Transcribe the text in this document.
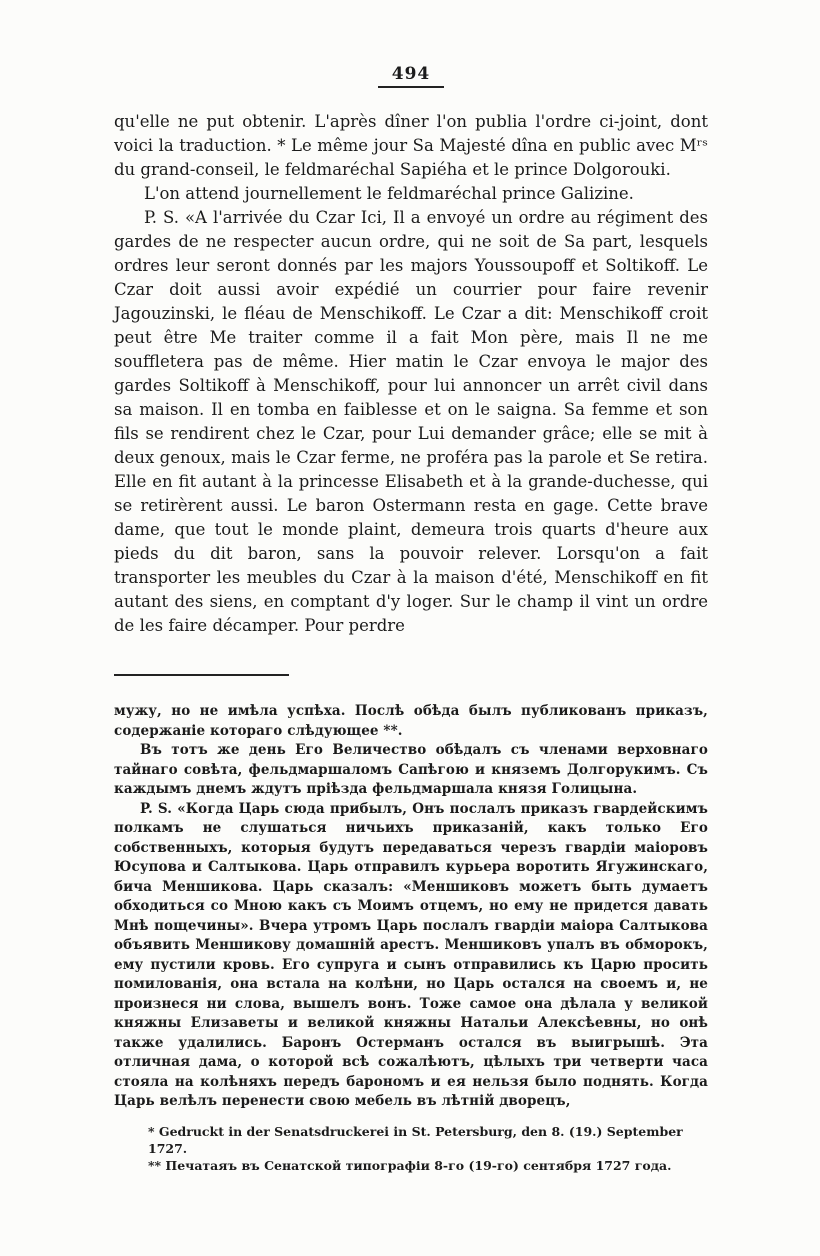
494

qu'elle ne put obtenir. L'après dîner l'on publia l'ordre ci-joint, dont voici la traduction. * Le même jour Sa Majesté dîna en public avec Mʳˢ du grand-conseil, le feldmaréchal Sapiéha et le prince Dolgorouki.

L'on attend journellement le feldmaréchal prince Galizine.

P. S. «A l'arrivée du Czar Ici, Il a envoyé un ordre au régiment des gardes de ne respecter aucun ordre, qui ne soit de Sa part, lesquels ordres leur seront donnés par les majors Youssoupoff et Soltikoff. Le Czar doit aussi avoir expédié un courrier pour faire revenir Jagouzinski, le fléau de Menschikoff. Le Czar a dit: Menschikoff croit peut être Me traiter comme il a fait Mon père, mais Il ne me souffletera pas de même. Hier matin le Czar envoya le major des gardes Soltikoff à Menschikoff, pour lui annoncer un arrêt civil dans sa maison. Il en tomba en faiblesse et on le saigna. Sa femme et son fils se rendirent chez le Czar, pour Lui demander grâce; elle se mit à deux genoux, mais le Czar ferme, ne proféra pas la parole et Se retira. Elle en fit autant à la princesse Elisabeth et à la grande-duchesse, qui se retirèrent aussi. Le baron Ostermann resta en gage. Cette brave dame, que tout le monde plaint, demeura trois quarts d'heure aux pieds du dit baron, sans la pouvoir relever. Lorsqu'on a fait transporter les meubles du Czar à la maison d'été, Menschikoff en fit autant des siens, en comptant d'y loger. Sur le champ il vint un ordre de les faire décamper. Pour perdre

мужу, но не имѣла успѣха. Послѣ обѣда былъ публикованъ приказъ, содержаніе котораго слѣдующее **.

Въ тотъ же день Его Величество обѣдалъ съ членами верховнаго тайнаго совѣта, фельдмаршаломъ Сапѣгою и княземъ Долгорукимъ. Съ каждымъ днемъ ждутъ пріѣзда фельдмаршала князя Голицына.

P. S. «Когда Царь сюда прибылъ, Онъ послалъ приказъ гвардейскимъ полкамъ не слушаться ничьихъ приказаній, какъ только Его собственныхъ, которыя будутъ передаваться черезъ гвардіи маіоровъ Юсупова и Салтыкова. Царь отправилъ курьера воротить Ягужинскаго, бича Меншикова. Царь сказалъ: «Меншиковъ можетъ быть думаетъ обходиться со Мною какъ съ Моимъ отцемъ, но ему не придется давать Мнѣ пощечины». Вчера утромъ Царь послалъ гвардіи маіора Салтыкова объявить Меншикову домашній арестъ. Меншиковъ упалъ въ обморокъ, ему пустили кровь. Его супруга и сынъ отправились къ Царю просить помилованія, она встала на колѣни, но Царь остался на своемъ и, не произнеся ни слова, вышелъ вонъ. Тоже самое она дѣлала у великой княжны Елизаветы и великой княжны Натальи Алексѣевны, но онѣ также удалились. Баронъ Остерманъ остался въ выигрышѣ. Эта отличная дама, о которой всѣ сожалѣютъ, цѣлыхъ три четверти часа стояла на колѣняхъ передъ барономъ и ея нельзя было поднять. Когда Царь велѣлъ перенести свою мебель въ лѣтній дворецъ,

* Gedruckt in der Senatsdruckerei in St. Petersburg, den 8. (19.) September 1727.

** Печатаяъ въ Сенатской типографіи 8-го (19-го) сентября 1727 года.
